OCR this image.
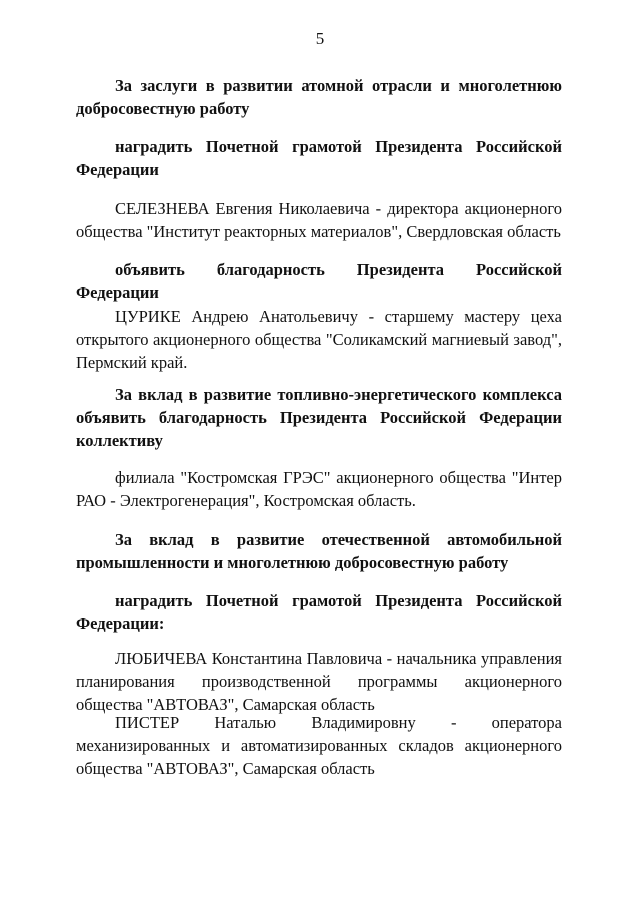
5

За заслуги в развитии атомной отрасли и многолетнюю добросовестную работу

наградить Почетной грамотой Президента Российской Федерации

СЕЛЕЗНЕВА Евгения Николаевича - директора акционерного общества "Институт реакторных материалов", Свердловская область

объявить благодарность Президента Российской Федерации

ЦУРИКЕ Андрею Анатольевичу - старшему мастеру цеха открытого акционерного общества "Соликамский магниевый завод", Пермский край.

За вклад в развитие топливно-энергетического комплекса объявить благодарность Президента Российской Федерации коллективу

филиала "Костромская ГРЭС" акционерного общества "Интер РАО - Электрогенерация", Костромская область.

За вклад в развитие отечественной автомобильной промышленности и многолетнюю добросовестную работу

наградить Почетной грамотой Президента Российской Федерации:

ЛЮБИЧЕВА Константина Павловича - начальника управления планирования производственной программы акционерного общества "АВТОВАЗ", Самарская область

ПИСТЕР Наталью Владимировну - оператора механизированных и автоматизированных складов акционерного общества "АВТОВАЗ", Самарская область
